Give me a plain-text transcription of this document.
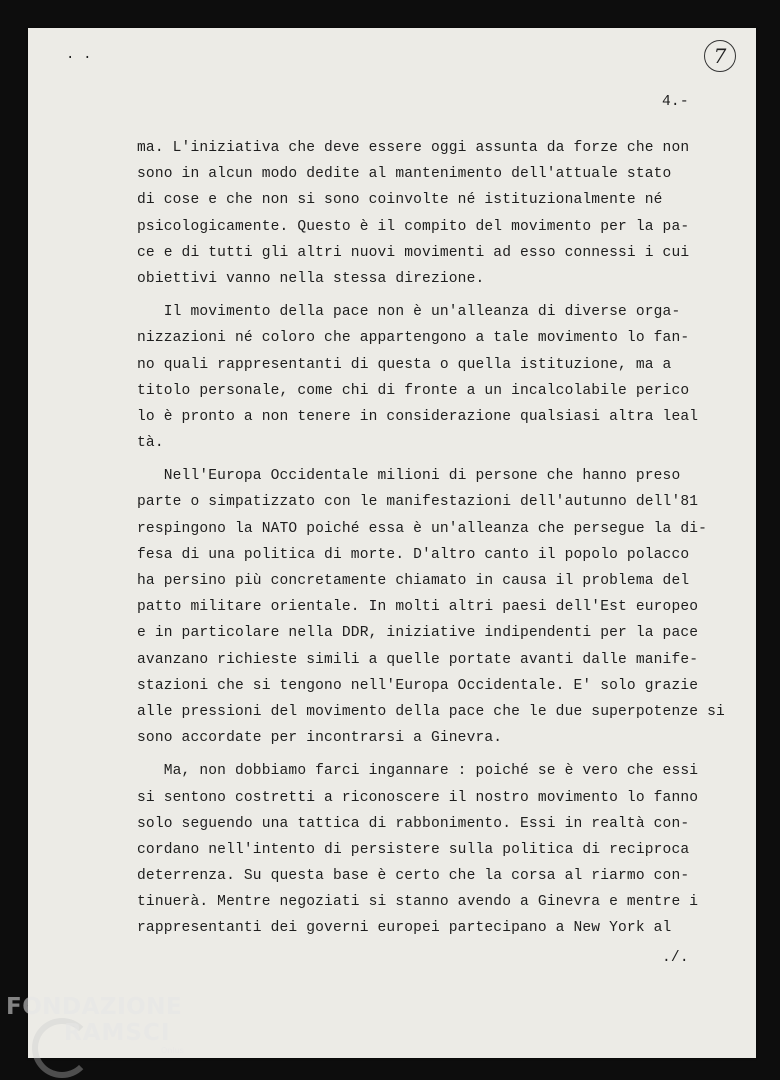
· ·	7
4.-
ma. L'iniziativa che deve essere oggi assunta da forze che non
sono in alcun modo dedite al mantenimento dell'attuale stato
di cose e che non si sono coinvolte né istituzionalmente né
psicologicamente. Questo è il compito del movimento per la pa-
ce e di tutti gli altri nuovi movimenti ad esso connessi i cui
obiettivi vanno nella stessa direzione.
Il movimento della pace non è un'alleanza di diverse orga-
nizzazioni né coloro che appartengono a tale movimento lo fan-
no quali rappresentanti di questa o quella istituzione, ma a
titolo personale, come chi di fronte a un incalcolabile perico
lo è pronto a non tenere in considerazione qualsiasi altra leal
tà.
Nell'Europa Occidentale milioni di persone che hanno preso
parte o simpatizzato con le manifestazioni dell'autunno dell'81
respingono la NATO poiché essa è un'alleanza che persegue la di-
fesa di una politica di morte. D'altro canto il popolo polacco
ha persino più concretamente chiamato in causa il problema del
patto militare orientale. In molti altri paesi dell'Est europeo
e in particolare nella DDR, iniziative indipendenti per la pace
avanzano richieste simili a quelle portate avanti dalle manife-
stazioni che si tengono nell'Europa Occidentale. E' solo grazie
alle pressioni del movimento della pace che le due superpotenze si
sono accordate per incontrarsi a Ginevra.
Ma, non dobbiamo farci ingannare : poiché se è vero che essi
si sentono costretti a riconoscere il nostro movimento lo fanno
solo seguendo una tattica di rabbonimento. Essi in realtà con-
cordano nell'intento di persistere sulla politica di reciproca
deterrenza. Su questa base è certo che la corsa al riarmo con-
tinuerà. Mentre negoziati si stanno avendo a Ginevra e mentre i
rappresentanti dei governi europei partecipano a New York al
./.
FONDAZIONE
RAMSCI
Onlus
